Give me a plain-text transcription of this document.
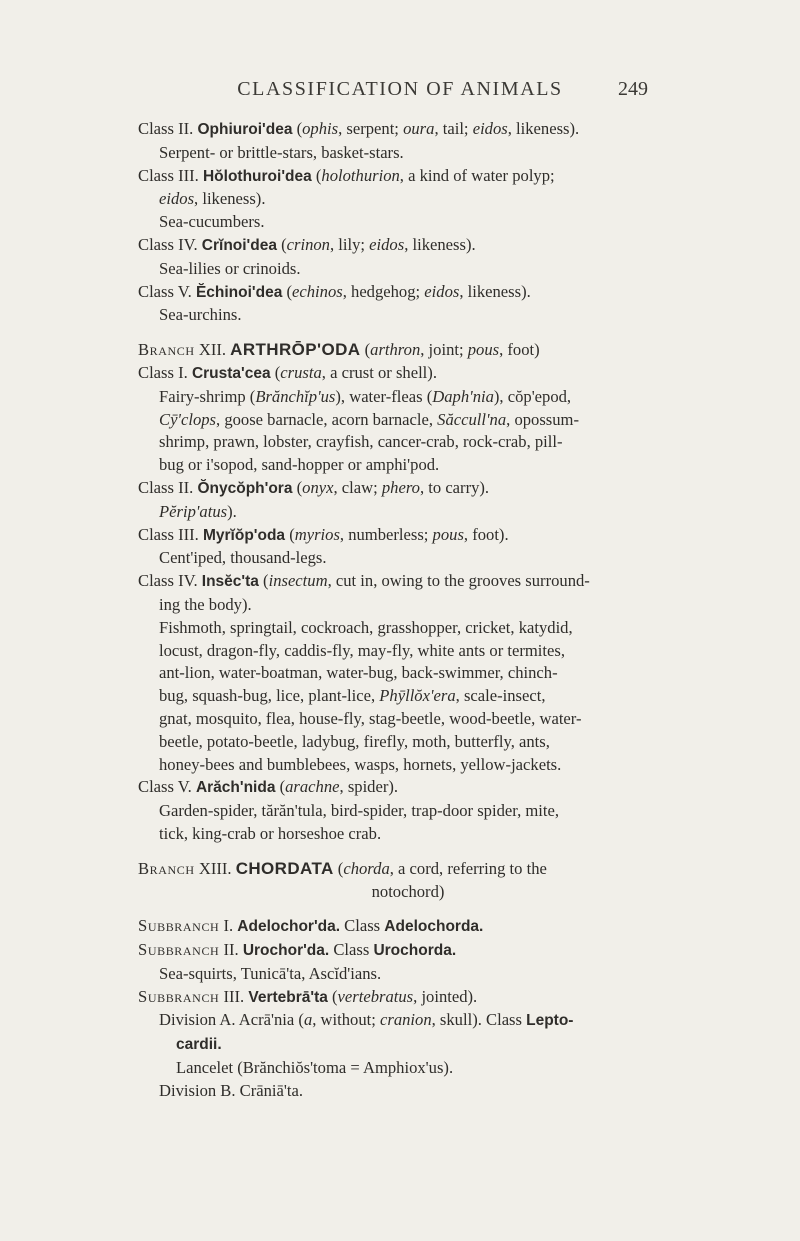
CLASSIFICATION OF ANIMALS	249
Class II. Ophiuroi'dea (ophis, serpent; oura, tail; eidos, likeness).
Serpent- or brittle-stars, basket-stars.
Class III. Hŏlothuroi'dea (holothurion, a kind of water polyp;
eidos, likeness).
Sea-cucumbers.
Class IV. Crĭnoi'dea (crinon, lily; eidos, likeness).
Sea-lilies or crinoids.
Class V. Ĕchinoi'dea (echinos, hedgehog; eidos, likeness).
Sea-urchins.
Branch XII. ARTHRŌP'ODA (arthron, joint; pous, foot)
Class I. Crusta'cea (crusta, a crust or shell).
Fairy-shrimp (Brănchĭp'us), water-fleas (Daph'nia), cŏp'epod,
Cȳ'clops, goose barnacle, acorn barnacle, Săccull'na, opossum-
shrimp, prawn, lobster, crayfish, cancer-crab, rock-crab, pill-
bug or i'sopod, sand-hopper or amphi'pod.
Class II. Ŏnycŏph'ora (onyx, claw; phero, to carry).
Pĕrip'atus).
Class III. Myrĭŏp'oda (myrios, numberless; pous, foot).
Cent'iped, thousand-legs.
Class IV. Insĕc'ta (insectum, cut in, owing to the grooves surround-
ing the body).
Fishmoth, springtail, cockroach, grasshopper, cricket, katydid,
locust, dragon-fly, caddis-fly, may-fly, white ants or termites,
ant-lion, water-boatman, water-bug, back-swimmer, chinch-
bug, squash-bug, lice, plant-lice, Phȳllŏx'era, scale-insect,
gnat, mosquito, flea, house-fly, stag-beetle, wood-beetle, water-
beetle, potato-beetle, ladybug, firefly, moth, butterfly, ants,
honey-bees and bumblebees, wasps, hornets, yellow-jackets.
Class V. Arăch'nida (arachne, spider).
Garden-spider, tărăn'tula, bird-spider, trap-door spider, mite,
tick, king-crab or horseshoe crab.
Branch XIII. CHORDATA (chorda, a cord, referring to the
notochord)
Subbranch I. Adelochor'da. Class Adelochorda.
Subbranch II. Urochor'da. Class Urochorda.
Sea-squirts, Tunicā'ta, Ascĭd'ians.
Subbranch III. Vertebrā'ta (vertebratus, jointed).
Division A. Acrā'nia (a, without; cranion, skull). Class Lepto-
cardii.
Lancelet (Brănchiŏs'toma = Amphiox'us).
Division B. Crāniā'ta.
